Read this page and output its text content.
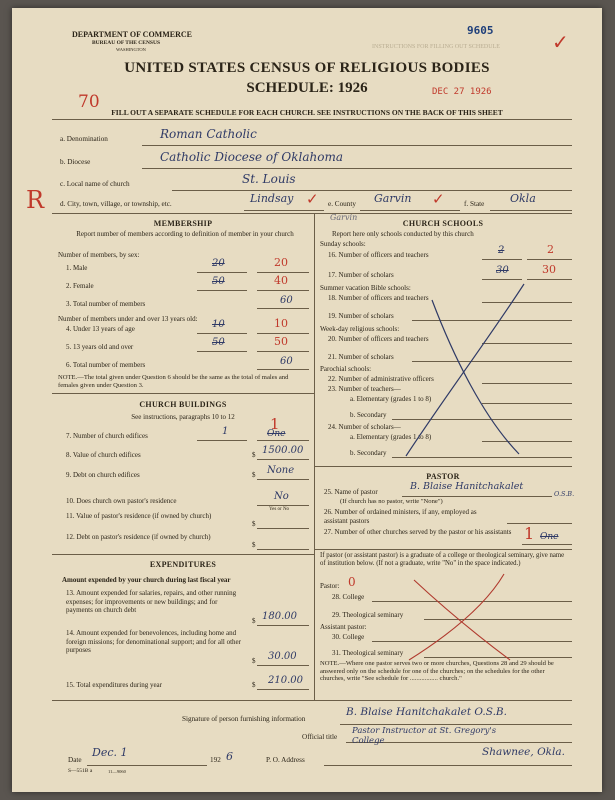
DEPARTMENT OF COMMERCE
BUREAU OF THE CENSUS
WASHINGTON	INSTRUCTIONS FOR FILLING OUT SCHEDULE
9605	✓
UNITED STATES CENSUS OF RELIGIOUS BODIES
SCHEDULE: 1926	DEC 27 1926
70
FILL OUT A SEPARATE SCHEDULE FOR EACH CHURCH. SEE INSTRUCTIONS ON THE BACK OF THIS SHEET
a. Denomination	Roman Catholic
b. Diocese	Catholic Diocese of Oklahoma
c. Local name of church	St. Louis
R d. City, town, village, or township, etc.	Lindsay ✓ e. County Garvin ✓	f. State Okla
MEMBERSHIP
Report number of members according to definition of member in your church
Number of members, by sex:
1. Male	20	20
2. Female	50	40
3. Total number of members	60
Number of members under and over 13 years old:
4. Under 13 years of age	10	10
5. 13 years old and over	50	50
6. Total number of members	60
NOTE.—The total given under Question 6 should be the same as the total of males and females given under Question 3.
CHURCH BUILDINGS
See instructions, paragraphs 10 to 12
7. Number of church edifices	1	1
One
8. Value of church edifices	$ 1500.00
9. Debt on church edifices	$ None
10. Does church own pastor's residence	No
Yes or No
11. Value of pastor's residence (if owned by church)
$
12. Debt on pastor's residence (if owned by church)
$
EXPENDITURES
Amount expended by your church during last fiscal year
13. Amount expended for salaries, repairs, and other running expenses; for improvements or new buildings; and for payments on church debt
$ 180.00
14. Amount expended for benevolences, including home and foreign missions; for denominational support; and for all other purposes
$ 30.00
15. Total expenditures during year	$ 210.00
Garvin
CHURCH SCHOOLS
Report here only schools conducted by this church
Sunday schools:
16. Number of officers and teachers	2	2
17. Number of scholars	30	30
Summer vacation Bible schools:
18. Number of officers and teachers
19. Number of scholars
Week-day religious schools:
20. Number of officers and teachers
21. Number of scholars
Parochial schools:
22. Number of administrative officers
23. Number of teachers—
a. Elementary (grades 1 to 8)
b. Secondary
24. Number of scholars—
a. Elementary (grades 1 to 8)
b. Secondary
PASTOR
25. Name of pastor	B. Blaise Hanitchakalet
O.S.B.
(If church has no pastor, write "None")
26. Number of ordained ministers, if any, employed as assistant pastors
27. Number of other churches served by the pastor or his assistants 1 One
If pastor (or assistant pastor) is a graduate of a college or theological seminary, give name of institution below. (If not a graduate, write "No" in the space indicated.)
Pastor: 0
28. College
29. Theological seminary
Assistant pastor:
30. College
31. Theological seminary
NOTE.—Where one pastor serves two or more churches, Questions 28 and 29 should be answered only on the schedule for one of the churches; on the schedules for the other churches, write "See schedule for ................. church."
Signature of person furnishing information
B. Blaise Hanitchakalet O.S.B.
Official title
Pastor Instructor at St. Gregory's College
Date
Dec. 1
192 6	P. O. Address
Shawnee, Okla.
S—551B a	11—9060
